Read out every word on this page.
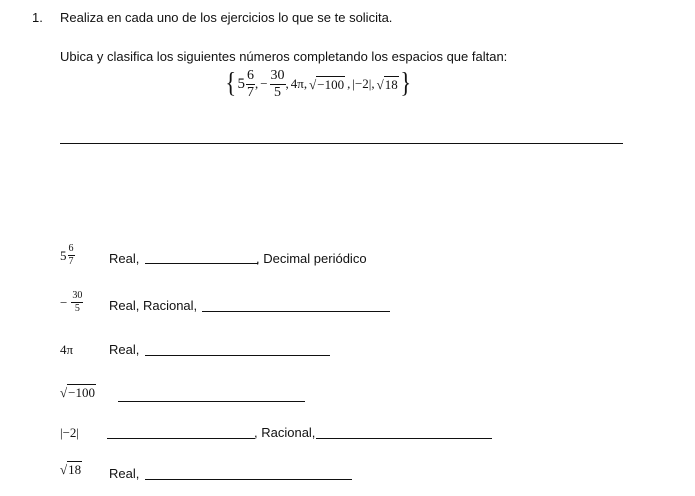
1. Realiza en cada uno de los ejercicios lo que se te solicita.
Ubica y clasifica los siguientes números completando los espacios que faltan:
{ $5 \frac{6}{7}$ , − $\frac{30}{5}$ , 4π , √ −100 , |−2| , √ 18 }
$5 \frac{6}{7}$	Real,	, Decimal periódico
− $\frac{30}{5}$ Real, Racional,
4π	Real,
√ −100
|−2|	, Racional,
√ 18 Real,
